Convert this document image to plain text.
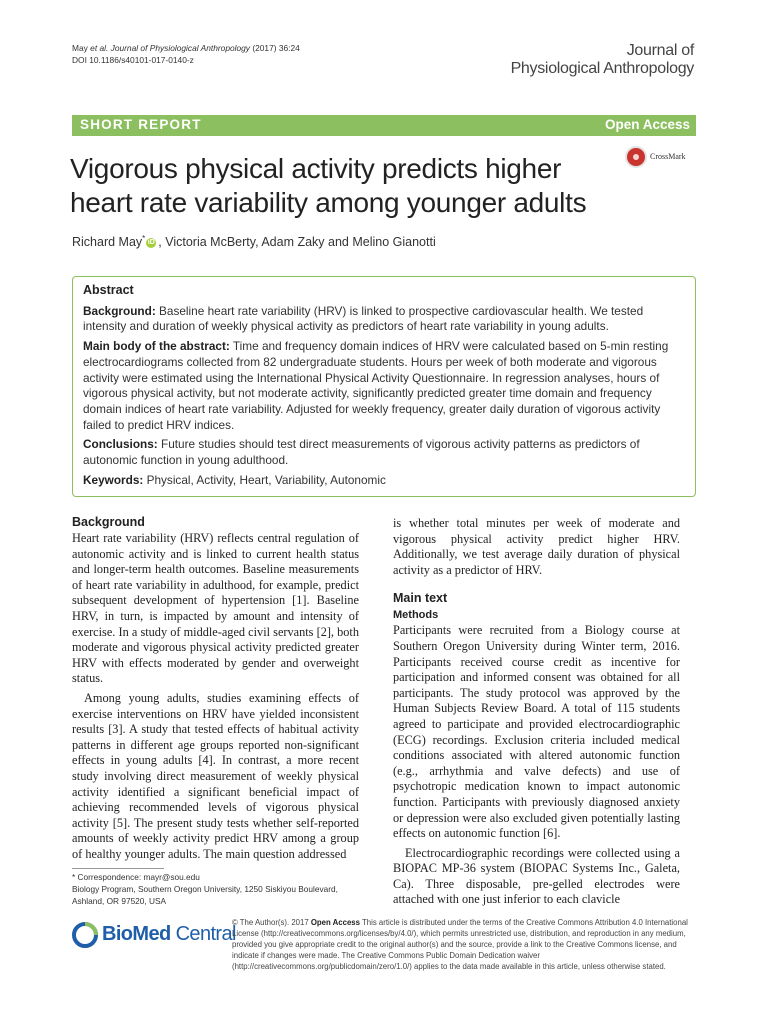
May et al. Journal of Physiological Anthropology (2017) 36:24
DOI 10.1186/s40101-017-0140-z
Journal of
Physiological Anthropology
SHORT REPORT	Open Access
Vigorous physical activity predicts higher
heart rate variability among younger adults
CrossMark
Richard May* iD , Victoria McBerty, Adam Zaky and Melino Gianotti
Abstract

Background: Baseline heart rate variability (HRV) is linked to prospective cardiovascular health. We tested intensity and duration of weekly physical activity as predictors of heart rate variability in young adults.

Main body of the abstract: Time and frequency domain indices of HRV were calculated based on 5-min resting electrocardiograms collected from 82 undergraduate students. Hours per week of both moderate and vigorous activity were estimated using the International Physical Activity Questionnaire. In regression analyses, hours of vigorous physical activity, but not moderate activity, significantly predicted greater time domain and frequency domain indices of heart rate variability. Adjusted for weekly frequency, greater daily duration of vigorous activity failed to predict HRV indices.

Conclusions: Future studies should test direct measurements of vigorous activity patterns as predictors of autonomic function in young adulthood.

Keywords: Physical, Activity, Heart, Variability, Autonomic

Background

Heart rate variability (HRV) reflects central regulation of autonomic activity and is linked to current health status and longer-term health outcomes. Baseline measurements of heart rate variability in adulthood, for example, predict subsequent development of hypertension [1]. Baseline HRV, in turn, is impacted by amount and intensity of exercise. In a study of middle-aged civil servants [2], both moderate and vigorous physical activity predicted greater HRV with effects moderated by gender and overweight status.

Among young adults, studies examining effects of exercise interventions on HRV have yielded inconsistent results [3]. A study that tested effects of habitual activity patterns in different age groups reported non-significant effects in young adults [4]. In contrast, a more recent study involving direct measurement of weekly physical activity identified a significant beneficial impact of achieving recommended levels of vigorous physical activity [5]. The present study tests whether self-reported amounts of weekly activity predict HRV among a group of healthy younger adults. The main question addressed

is whether total minutes per week of moderate and vigorous physical activity predict higher HRV. Additionally, we test average daily duration of physical activity as a predictor of HRV.

Main text
Methods

Participants were recruited from a Biology course at Southern Oregon University during Winter term, 2016. Participants received course credit as incentive for participation and informed consent was obtained for all participants. The study protocol was approved by the Human Subjects Review Board. A total of 115 students agreed to participate and provided electrocardiographic (ECG) recordings. Exclusion criteria included medical conditions associated with altered autonomic function (e.g., arrhythmia and valve defects) and use of psychotropic medication known to impact autonomic function. Participants with previously diagnosed anxiety or depression were also excluded given potentially lasting effects on autonomic function [6].

Electrocardiographic recordings were collected using a BIOPAC MP-36 system (BIOPAC Systems Inc., Galeta, Ca). Three disposable, pre-gelled electrodes were attached with one just inferior to each clavicle

* Correspondence: mayr@sou.edu
Biology Program, Southern Oregon University, 1250 Siskiyou Boulevard,
Ashland, OR 97520, USA
BioMed Central
© The Author(s). 2017 Open Access This article is distributed under the terms of the Creative Commons Attribution 4.0 International License (http://creativecommons.org/licenses/by/4.0/), which permits unrestricted use, distribution, and reproduction in any medium, provided you give appropriate credit to the original author(s) and the source, provide a link to the Creative Commons license, and indicate if changes were made. The Creative Commons Public Domain Dedication waiver (http://creativecommons.org/publicdomain/zero/1.0/) applies to the data made available in this article, unless otherwise stated.
